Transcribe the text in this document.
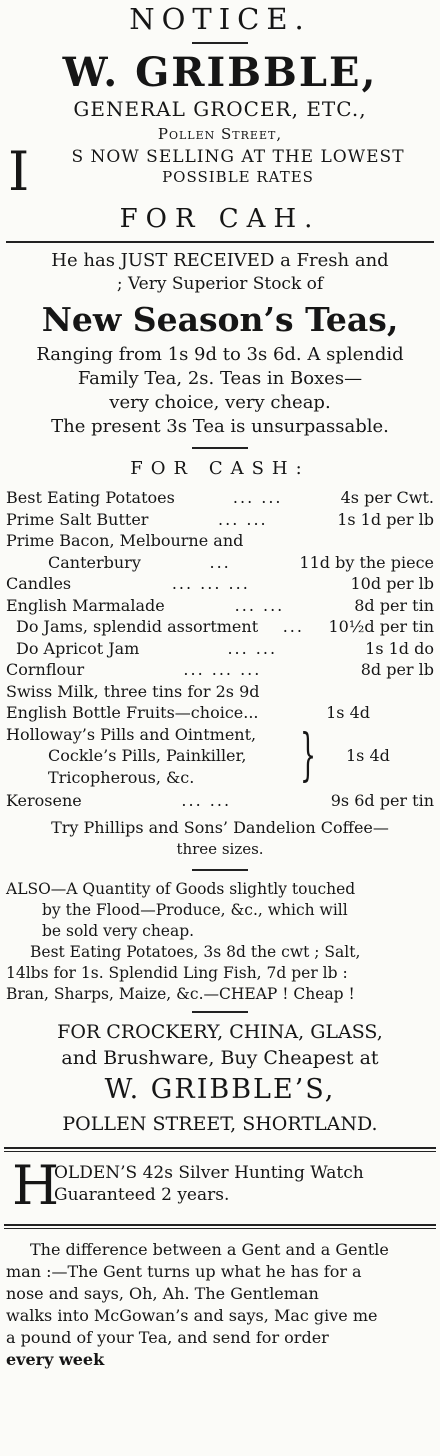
NOTICE.
W. GRIBBLE,
GENERAL GROCER, ETC.,
Pollen Street,
I	S NOW SELLING AT THE LOWEST
POSSIBLE RATES
FOR CAH.
He has JUST RECEIVED a Fresh and
; Very Superior Stock of
New Season’s Teas,
Ranging from 1s 9d to 3s 6d. A splendid
Family Tea, 2s. Teas in Boxes—
very choice, very cheap.
The present 3s Tea is unsurpassable.
FOR CASH:
Best Eating Potatoes	... ...	4s per Cwt.
Prime Salt Butter	... ...	1s 1d per lb
Prime Bacon, Melbourne and
Canterbury	...	11d by the piece
Candles	... ... ...	10d per lb
English Marmalade	... ...	8d per tin
Do Jams, splendid assortment	...	10½d per tin
Do Apricot Jam	... ...	1s 1d do
Cornflour	... ... ...	8d per lb
Swiss Milk, three tins for 2s 9d
English Bottle Fruits—choice...	1s 4d
Holloway’s Pills and Ointment,
Cockle’s Pills, Painkiller,
Tricopherous, &c. } 1s 4d
Kerosene	... ...	9s 6d per tin
Try Phillips and Sons’ Dandelion Coffee—
three sizes.
ALSO—A Quantity of Goods slightly touched
by the Flood—Produce, &c., which will
be sold very cheap.
Best Eating Potatoes, 3s 8d the cwt ; Salt,
14lbs for 1s. Splendid Ling Fish, 7d per lb :
Bran, Sharps, Maize, &c.—CHEAP ! Cheap !
FOR CROCKERY, CHINA, GLASS,
and Brushware, Buy Cheapest at
W. GRIBBLE’S,
POLLEN STREET, SHORTLAND.
H
OLDEN’S 42s Silver Hunting Watch
Guaranteed 2 years.
The difference between a Gent and a Gentle
man :—The Gent turns up what he has for a
nose and says, Oh, Ah. The Gentleman
walks into McGowan’s and says, Mac give me
a pound of your Tea, and send for order
every week
